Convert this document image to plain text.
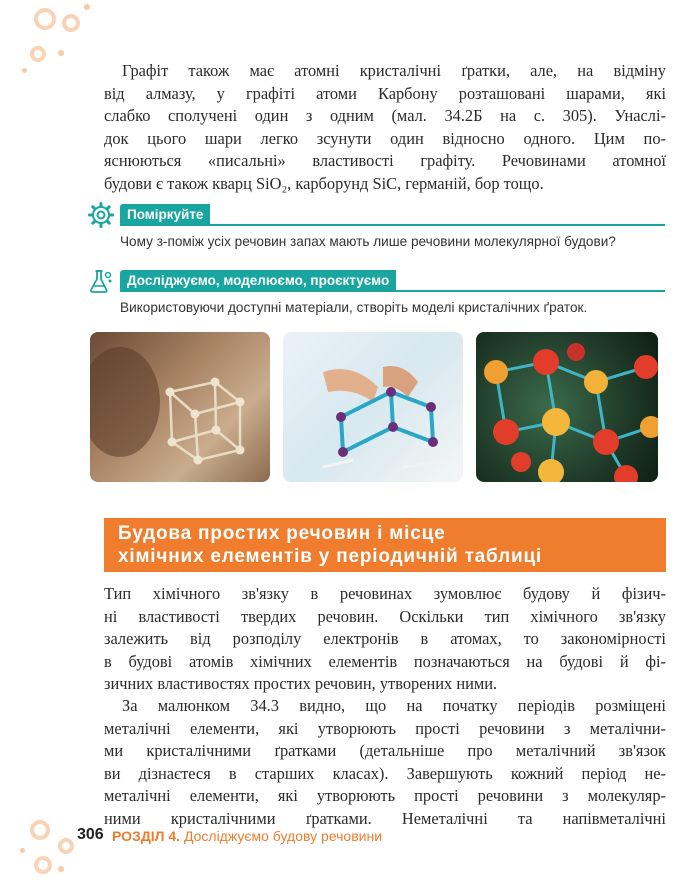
Графіт також має атомні кристалічні ґратки, але, на відміну
від алмазу, у графіті атоми Карбону розташовані шарами, які
слабко сполучені один з одним (мал. 34.2Б на с. 305). Унаслі-
док цього шари легко зсунути один відносно одного. Цим по-
яснюються «писальні» властивості графіту. Речовинами атомної
будови є також кварц SiO₂, карборунд SiC, германій, бор тощо.
Поміркуйте
Чому з-поміж усіх речовин запах мають лише речовини молекулярної будови?
Досліджуємо, моделюємо, проєктуємо
Використовуючи доступні матеріали, створіть моделі кристалічних ґраток.
Будова простих речовин і місце
хімічних елементів у періодичній таблиці
Тип хімічного зв'язку в речовинах зумовлює будову й фізич-
ні властивості твердих речовин. Оскільки тип хімічного зв'язку
залежить від розподілу електронів в атомах, то закономірності
в будові атомів хімічних елементів позначаються на будові й фі-
зичних властивостях простих речовин, утворених ними.
За малюнком 34.3 видно, що на початку періодів розміщені
металічні елементи, які утворюють прості речовини з металічни-
ми кристалічними ґратками (детальніше про металічний зв'язок
ви дізнаєтеся в старших класах). Завершують кожний період не-
металічні елементи, які утворюють прості речовини з молекуляр-
ними кристалічними ґратками. Неметалічні та напівметалічні
306 РОЗДІЛ 4. Досліджуємо будову речовини
